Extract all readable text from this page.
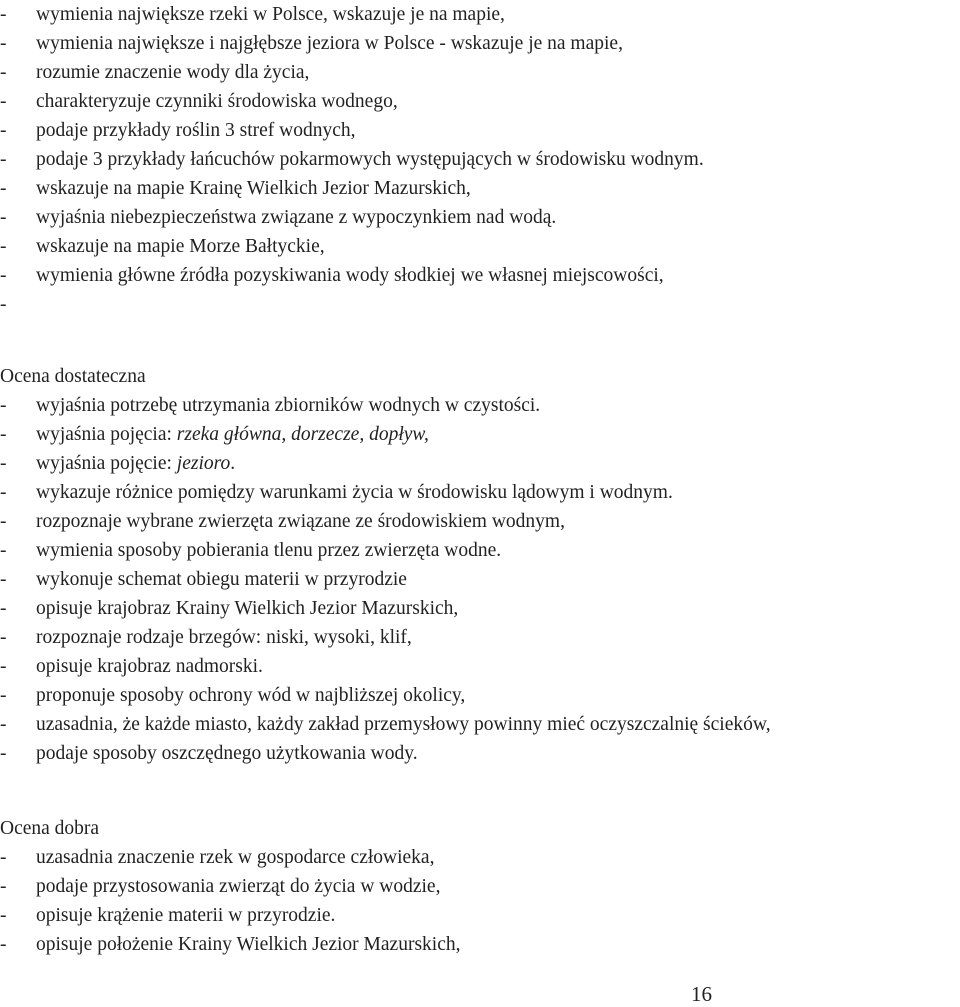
- wymienia największe rzeki w Polsce, wskazuje je na mapie,
- wymienia największe i najgłębsze jeziora w Polsce - wskazuje je na mapie,
- rozumie znaczenie wody dla życia,
- charakteryzuje czynniki środowiska wodnego,
- podaje przykłady roślin 3 stref wodnych,
- podaje 3 przykłady łańcuchów pokarmowych występujących w środowisku wodnym.
- wskazuje na mapie Krainę Wielkich Jezior Mazurskich,
- wyjaśnia niebezpieczeństwa związane z wypoczynkiem nad wodą.
- wskazuje na mapie Morze Bałtyckie,
- wymienia główne źródła pozyskiwania wody słodkiej we własnej miejscowości,
-
Ocena dostateczna
- wyjaśnia potrzebę utrzymania zbiorników wodnych w czystości.
- wyjaśnia pojęcia: rzeka główna, dorzecze, dopływ,
- wyjaśnia pojęcie: jezioro.
- wykazuje różnice pomiędzy warunkami życia w środowisku lądowym i wodnym.
- rozpoznaje wybrane zwierzęta związane ze środowiskiem wodnym,
- wymienia sposoby pobierania tlenu przez zwierzęta wodne.
- wykonuje schemat obiegu materii w przyrodzie
- opisuje krajobraz Krainy Wielkich Jezior Mazurskich,
- rozpoznaje rodzaje brzegów: niski, wysoki, klif,
- opisuje krajobraz nadmorski.
- proponuje sposoby ochrony wód w najbliższej okolicy,
- uzasadnia, że każde miasto, każdy zakład przemysłowy powinny mieć oczyszczalnię ścieków,
- podaje sposoby oszczędnego użytkowania wody.
Ocena dobra
- uzasadnia znaczenie rzek w gospodarce człowieka,
- podaje przystosowania zwierząt do życia w wodzie,
- opisuje krążenie materii w przyrodzie.
- opisuje położenie Krainy Wielkich Jezior Mazurskich,
16
